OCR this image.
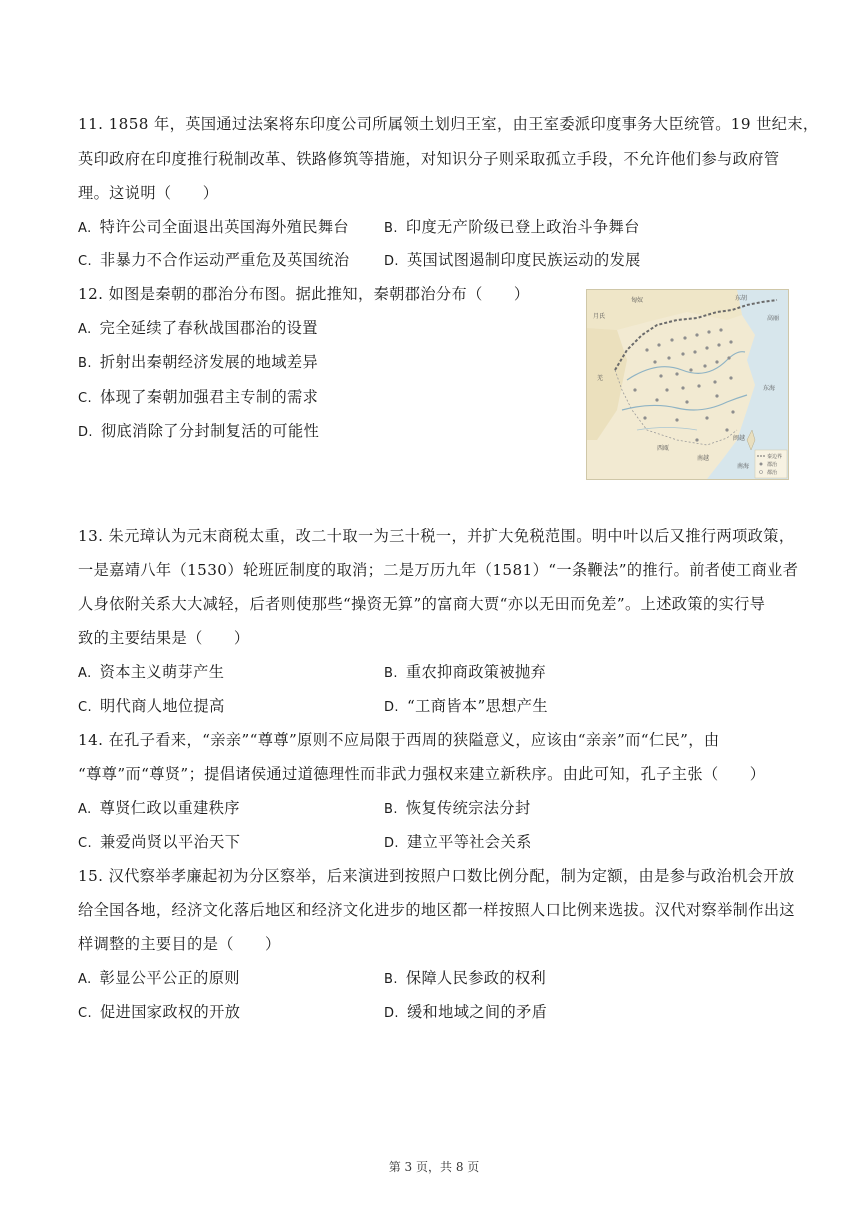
11. 1858 年，英国通过法案将东印度公司所属领土划归王室，由王室委派印度事务大臣统管。19 世纪末，
英印政府在印度推行税制改革、铁路修筑等措施，对知识分子则采取孤立手段，不允许他们参与政府管
理。这说明（　　）
A. 特许公司全面退出英国海外殖民舞台	B. 印度无产阶级已登上政治斗争舞台
C. 非暴力不合作运动严重危及英国统治	D. 英国试图遏制印度民族运动的发展
12. 如图是秦朝的郡治分布图。据此推知，秦朝郡治分布（　　）
A. 完全延续了春秋战国郡治的设置
B. 折射出秦朝经济发展的地域差异
C. 体现了秦朝加强君主专制的需求
D. 彻底消除了分封制复活的可能性
匈奴	东胡
高丽
月氏
羌
东海
南海
闽越
南越
西瓯
秦边界
郡治
都治
13. 朱元璋认为元末商税太重，改二十取一为三十税一，并扩大免税范围。明中叶以后又推行两项政策，
一是嘉靖八年（1530）轮班匠制度的取消；二是万历九年（1581）“一条鞭法”的推行。前者使工商业者
人身依附关系大大减轻，后者则使那些“操资无算”的富商大贾“亦以无田而免差”。上述政策的实行导
致的主要结果是（　　）
A. 资本主义萌芽产生	B. 重农抑商政策被抛弃
C. 明代商人地位提高	D. “工商皆本”思想产生
14. 在孔子看来，“亲亲”“尊尊”原则不应局限于西周的狭隘意义，应该由“亲亲”而“仁民”，由
“尊尊”而“尊贤”；提倡诸侯通过道德理性而非武力强权来建立新秩序。由此可知，孔子主张（　　）
A. 尊贤仁政以重建秩序	B. 恢复传统宗法分封
C. 兼爱尚贤以平治天下	D. 建立平等社会关系
15. 汉代察举孝廉起初为分区察举，后来演进到按照户口数比例分配，制为定额，由是参与政治机会开放
给全国各地，经济文化落后地区和经济文化进步的地区都一样按照人口比例来选拔。汉代对察举制作出这
样调整的主要目的是（　　）
A. 彰显公平公正的原则	B. 保障人民参政的权利
C. 促进国家政权的开放	D. 缓和地域之间的矛盾
第 3 页，共 8 页
